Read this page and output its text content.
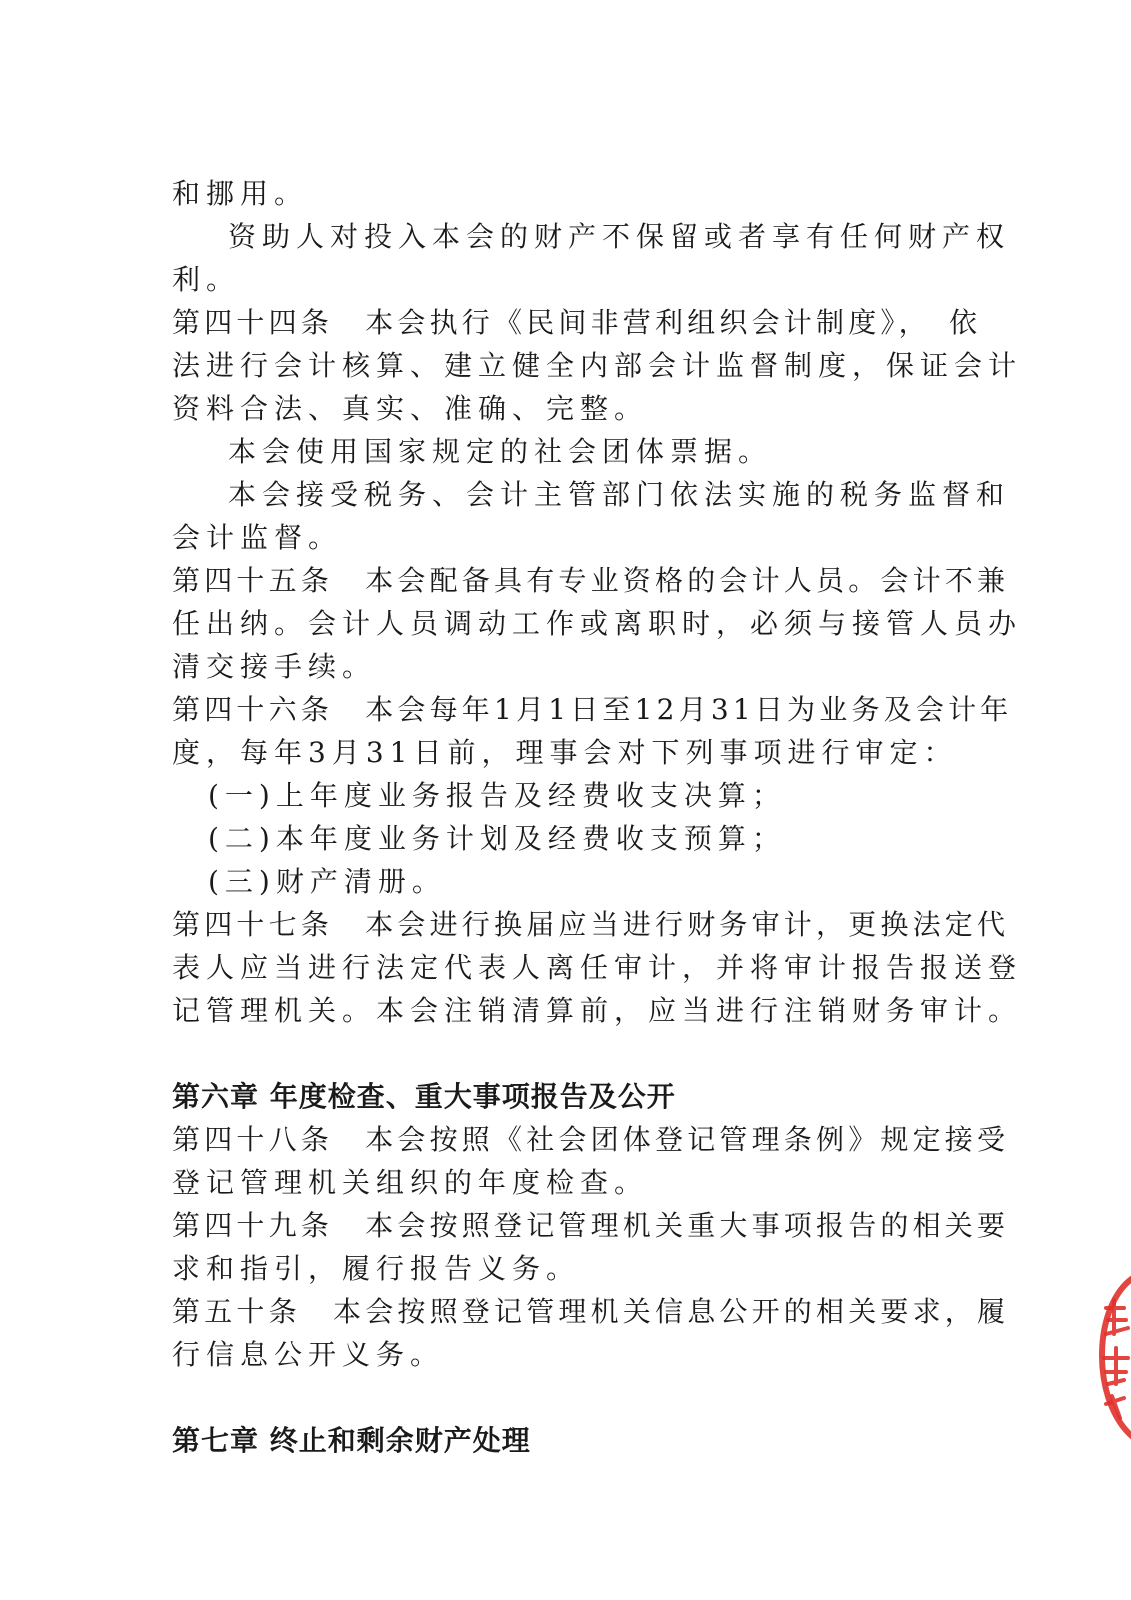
和挪用。
资助人对投入本会的财产不保留或者享有任何财产权
利。
第四十四条　本会执行《民间非营利组织会计制度》，　依
法进行会计核算、建立健全内部会计监督制度，保证会计
资料合法、真实、准确、完整。
本会使用国家规定的社会团体票据。
本会接受税务、会计主管部门依法实施的税务监督和
会计监督。
第四十五条　本会配备具有专业资格的会计人员。会计不兼
任出纳。会计人员调动工作或离职时，必须与接管人员办
清交接手续。
第四十六条　本会每年1月1日至12月31日为业务及会计年
度，每年3月31日前，理事会对下列事项进行审定：
(一)上年度业务报告及经费收支决算；
(二)本年度业务计划及经费收支预算；
(三)财产清册。
第四十七条　本会进行换届应当进行财务审计，更换法定代
表人应当进行法定代表人离任审计，并将审计报告报送登
记管理机关。本会注销清算前，应当进行注销财务审计。
第六章 年度检查、重大事项报告及公开
第四十八条　本会按照《社会团体登记管理条例》规定接受
登记管理机关组织的年度检查。
第四十九条　本会按照登记管理机关重大事项报告的相关要
求和指引，履行报告义务。
第五十条　本会按照登记管理机关信息公开的相关要求，履
行信息公开义务。
第七章 终止和剩余财产处理
